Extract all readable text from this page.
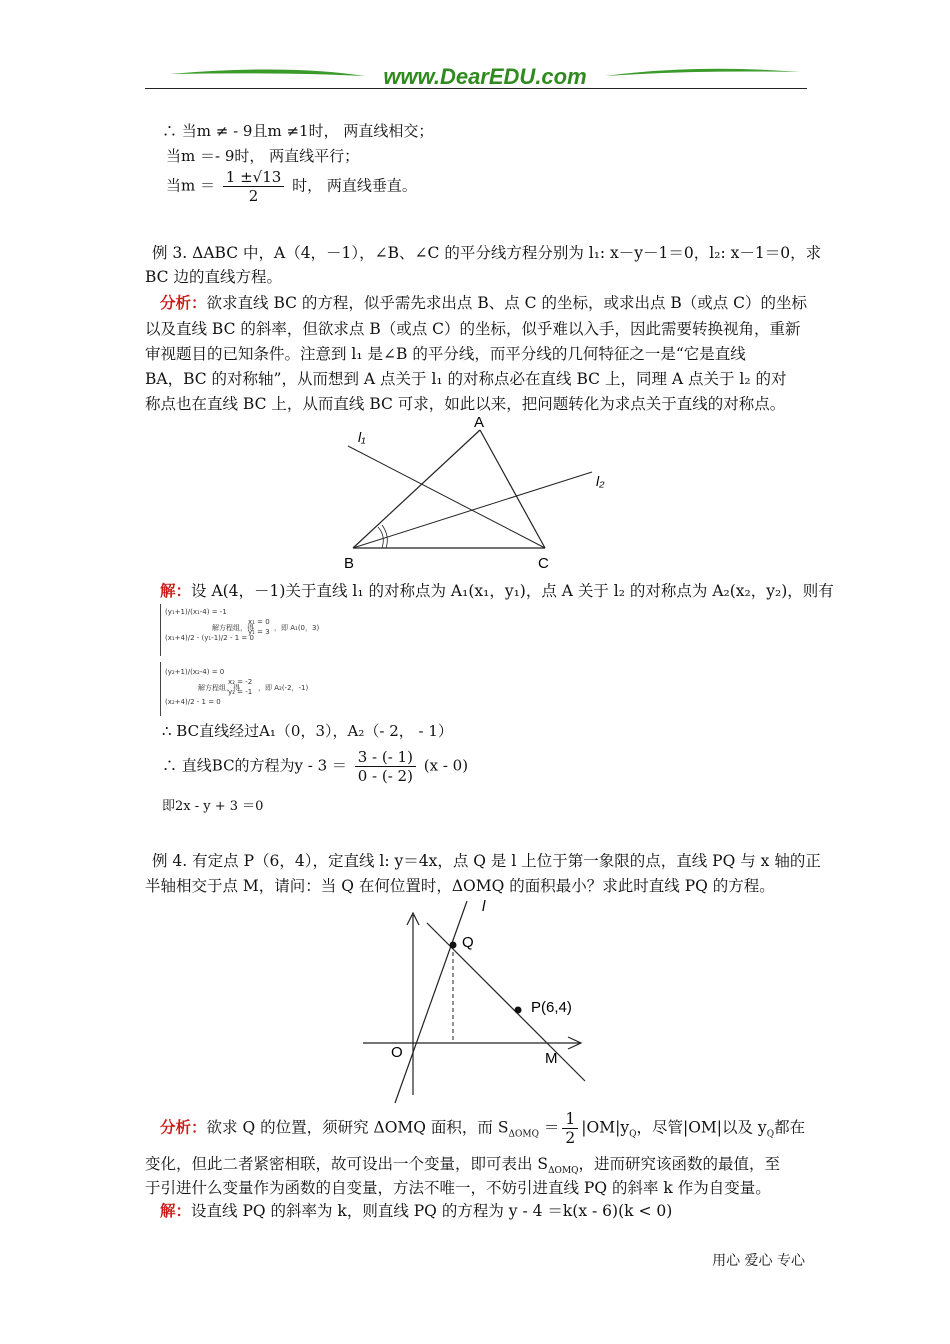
www.DearEDU.com
∴ 当m ≠ - 9且m ≠1时， 两直线相交；
当m ＝- 9时， 两直线平行；
当$m = \frac{1 \pm√13}{2}$ 时， 两直线垂直。
例 3. ΔABC 中，A（4，－1），∠B、∠C 的平分线方程分别为 l₁: x－y－1＝0，l₂: x－1＝0，求
BC 边的直线方程。
分析：欲求直线 BC 的方程，似乎需先求出点 B、点 C 的坐标，或求出点 B（或点 C）的坐标
以及直线 BC 的斜率，但欲求点 B（或点 C）的坐标，似乎难以入手，因此需要转换视角，重新
审视题目的已知条件。注意到 l₁ 是∠B 的平分线，而平分线的几何特征之一是“它是直线
BA，BC 的对称轴”，从而想到 A 点关于 l₁ 的对称点必在直线 BC 上，同理 A 点关于 l₂ 的对
称点也在直线 BC 上，从而直线 BC 可求，如此以来，把问题转化为求点关于直线的对称点。
A
B	C
l₁
l₂
解：设 A(4，－1)关于直线 l₁ 的对称点为 A₁(x₁，y₁)，点 A 关于 l₂ 的对称点为 A₂(x₂，y₂)，则有
(y₁+1)/(x₁-4) = -1
(x₁+4)/2 - (y₁-1)/2 - 1 = 0
解方程组，得
x₁ = 0
y₁ = 3 ，即 A₁(0，3)
(y₂+1)/(x₂-4) = 0
(x₂+4)/2 - 1 = 0
解方程组，得
x₂ = -2
y₂ = -1 ，即 A₂(-2，-1)
∴ BC直线经过A₁（0，3），A₂（- 2， - 1）
∴ 直线BC的方程为$y - 3 = \frac{3 - (- 1)}{0 - (- 2)} (x - 0)$
即2x - y + 3 ＝0
例 4. 有定点 P（6，4），定直线 l: y＝4x，点 Q 是 l 上位于第一象限的点，直线 PQ 与 x 轴的正
半轴相交于点 M，请问：当 Q 在何位置时，ΔOMQ 的面积最小？求此时直线 PQ 的方程。
l
Q
P(6,4)
O	M
分析：欲求 Q 的位置，须研究 ΔOMQ 面积，而 $S_{\Delta OMQ} = \frac{1}{2} |OM|y_Q$，尽管|OM|以及 $y_Q$都在
变化，但此二者紧密相联，故可设出一个变量，即可表出 $S_{\Delta OMQ}$，进而研究该函数的最值，至
于引进什么变量作为函数的自变量，方法不唯一，不妨引进直线 PQ 的斜率 k 作为自变量。
解：设直线 PQ 的斜率为 k，则直线 PQ 的方程为 y - 4 ＝k(x - 6)(k < 0)
用心 爱心 专心
